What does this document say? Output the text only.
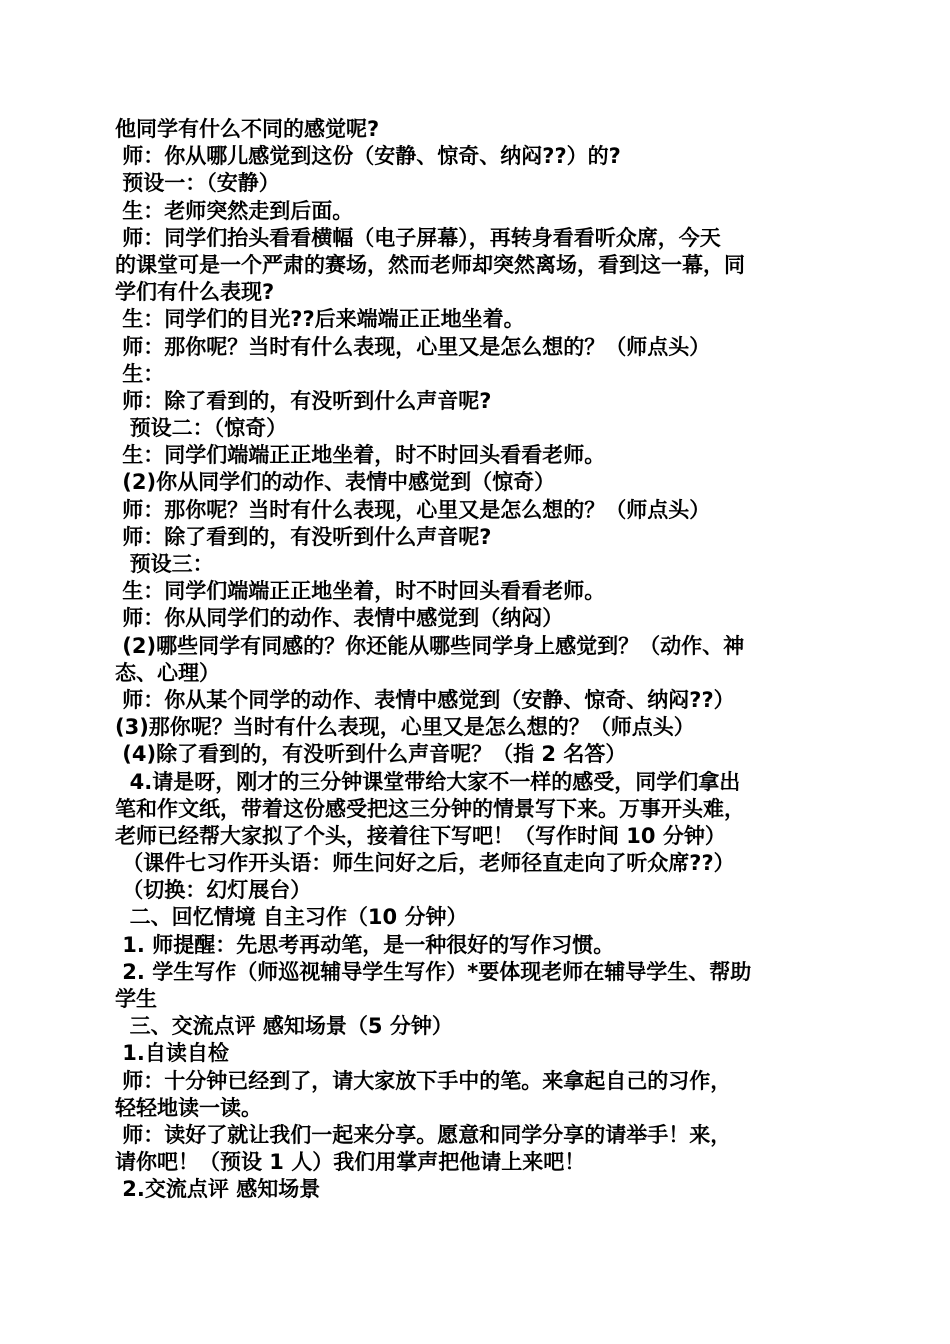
他同学有什么不同的感觉呢?
师：你从哪儿感觉到这份（安静、惊奇、纳闷??）的?
预设一：（安静）
生：老师突然走到后面。
师：同学们抬头看看横幅（电子屏幕），再转身看看听众席，今天
的课堂可是一个严肃的赛场，然而老师却突然离场，看到这一幕，同
学们有什么表现?
生：同学们的目光??后来端端正正地坐着。
师：那你呢？当时有什么表现，心里又是怎么想的？（师点头）
生：
师：除了看到的，有没听到什么声音呢?
预设二：（惊奇）
生：同学们端端正正地坐着，时不时回头看看老师。
(2)你从同学们的动作、表情中感觉到（惊奇）
师：那你呢？当时有什么表现，心里又是怎么想的？（师点头）
师：除了看到的，有没听到什么声音呢?
预设三：
生：同学们端端正正地坐着，时不时回头看看老师。
师：你从同学们的动作、表情中感觉到（纳闷）
(2)哪些同学有同感的？你还能从哪些同学身上感觉到？（动作、神
态、心理）
师：你从某个同学的动作、表情中感觉到（安静、惊奇、纳闷??）
(3)那你呢？当时有什么表现，心里又是怎么想的？（师点头）
(4)除了看到的，有没听到什么声音呢？（指 2 名答）
4.请是呀，刚才的三分钟课堂带给大家不一样的感受，同学们拿出
笔和作文纸，带着这份感受把这三分钟的情景写下来。万事开头难，
老师已经帮大家拟了个头，接着往下写吧！（写作时间 10 分钟）
（课件七习作开头语：师生问好之后，老师径直走向了听众席??）
（切换：幻灯展台）
二、回忆情境 自主习作（10 分钟）
1. 师提醒：先思考再动笔，是一种很好的写作习惯。
2. 学生写作（师巡视辅导学生写作）*要体现老师在辅导学生、帮助
学生
三、交流点评 感知场景（5 分钟）
1.自读自检
师：十分钟已经到了，请大家放下手中的笔。来拿起自己的习作，
轻轻地读一读。
师：读好了就让我们一起来分享。愿意和同学分享的请举手！来，
请你吧！（预设 1 人）我们用掌声把他请上来吧！
2.交流点评 感知场景
